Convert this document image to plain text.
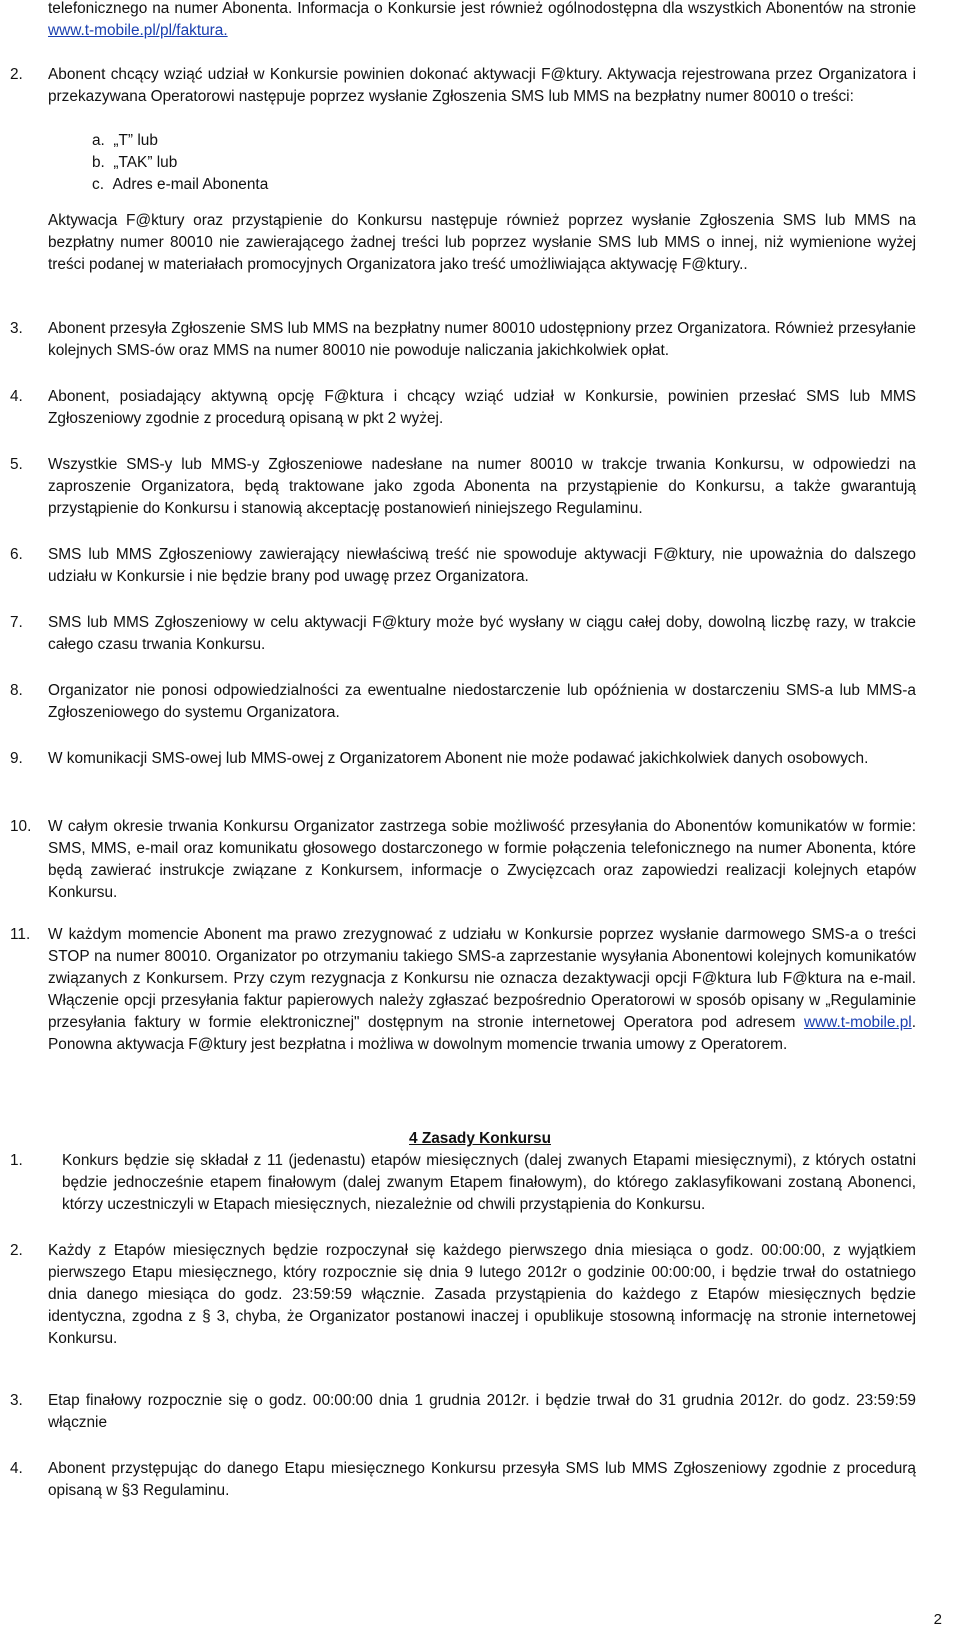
telefonicznego na numer Abonenta. Informacja o Konkursie jest również ogólnodostępna dla wszystkich Abonentów na stronie www.t-mobile.pl/pl/faktura.

2.	Abonent chcący wziąć udział w Konkursie powinien dokonać aktywacji F@ktury. Aktywacja rejestrowana przez Organizatora i przekazywana Operatorowi następuje poprzez wysłanie Zgłoszenia SMS lub MMS na bezpłatny numer 80010 o treści:

a. „T” lub
b. „TAK” lub
c. Adres e-mail Abonenta

Aktywacja F@ktury oraz przystąpienie do Konkursu następuje również poprzez wysłanie Zgłoszenia SMS lub MMS na bezpłatny numer 80010 nie zawierającego żadnej treści lub poprzez wysłanie SMS lub MMS o innej, niż wymienione wyżej treści podanej w materiałach promocyjnych Organizatora jako treść umożliwiająca aktywację F@ktury..

3.	Abonent przesyła Zgłoszenie SMS lub MMS na bezpłatny numer 80010 udostępniony przez Organizatora. Również przesyłanie kolejnych SMS-ów oraz MMS na numer 80010 nie powoduje naliczania jakichkolwiek opłat.

4.	Abonent, posiadający aktywną opcję F@ktura i chcący wziąć udział w Konkursie, powinien przesłać SMS lub MMS Zgłoszeniowy zgodnie z procedurą opisaną w pkt 2 wyżej.

5.	Wszystkie SMS-y lub MMS-y Zgłoszeniowe nadesłane na numer 80010 w trakcje trwania Konkursu, w odpowiedzi na zaproszenie Organizatora, będą traktowane jako zgoda Abonenta na przystąpienie do Konkursu, a także gwarantują przystąpienie do Konkursu i stanowią akceptację postanowień niniejszego Regulaminu.

6.	SMS lub MMS Zgłoszeniowy zawierający niewłaściwą treść nie spowoduje aktywacji F@ktury, nie upoważnia do dalszego udziału w Konkursie i nie będzie brany pod uwagę przez Organizatora.

7.	SMS lub MMS Zgłoszeniowy w celu aktywacji F@ktury może być wysłany w ciągu całej doby, dowolną liczbę razy, w trakcie całego czasu trwania Konkursu.

8.	Organizator nie ponosi odpowiedzialności za ewentualne niedostarczenie lub opóźnienia w dostarczeniu SMS-a lub MMS-a Zgłoszeniowego do systemu Organizatora.

9.	W komunikacji SMS-owej lub MMS-owej z Organizatorem Abonent nie może podawać jakichkolwiek danych osobowych.

10.	W całym okresie trwania Konkursu Organizator zastrzega sobie możliwość przesyłania do Abonentów komunikatów w formie: SMS, MMS, e-mail oraz komunikatu głosowego dostarczonego w formie połączenia telefonicznego na numer Abonenta, które będą zawierać instrukcje związane z Konkursem, informacje o Zwycięzcach oraz zapowiedzi realizacji kolejnych etapów Konkursu.

11.	W każdym momencie Abonent ma prawo zrezygnować z udziału w Konkursie poprzez wysłanie darmowego SMS-a o treści STOP na numer 80010. Organizator po otrzymaniu takiego SMS-a zaprzestanie wysyłania Abonentowi kolejnych komunikatów związanych z Konkursem. Przy czym rezygnacja z Konkursu nie oznacza dezaktywacji opcji F@ktura lub F@ktura na e-mail. Włączenie opcji przesyłania faktur papierowych należy zgłaszać bezpośrednio Operatorowi w sposób opisany w „Regulaminie przesyłania faktury w formie elektronicznej" dostępnym na stronie internetowej Operatora pod adresem www.t-mobile.pl. Ponowna aktywacja F@ktury jest bezpłatna i możliwa w dowolnym momencie trwania umowy z Operatorem.

4 Zasady Konkursu
1.	Konkurs będzie się składał z 11 (jedenastu) etapów miesięcznych (dalej zwanych Etapami miesięcznymi), z których ostatni będzie jednocześnie etapem finałowym (dalej zwanym Etapem finałowym), do którego zaklasyfikowani zostaną Abonenci, którzy uczestniczyli w Etapach miesięcznych, niezależnie od chwili przystąpienia do Konkursu.

2.	Każdy z Etapów miesięcznych będzie rozpoczynał się każdego pierwszego dnia miesiąca o godz. 00:00:00, z wyjątkiem pierwszego Etapu miesięcznego, który rozpocznie się dnia 9 lutego 2012r o godzinie 00:00:00, i będzie trwał do ostatniego dnia danego miesiąca do godz. 23:59:59 włącznie. Zasada przystąpienia do każdego z Etapów miesięcznych będzie identyczna, zgodna z § 3, chyba, że Organizator postanowi inaczej i opublikuje stosowną informację na stronie internetowej Konkursu.

3.	Etap finałowy rozpocznie się o godz. 00:00:00 dnia 1 grudnia 2012r. i będzie trwał do 31 grudnia 2012r. do godz. 23:59:59 włącznie

4.	Abonent przystępując do danego Etapu miesięcznego Konkursu przesyła SMS lub MMS Zgłoszeniowy zgodnie z procedurą opisaną w §3 Regulaminu.

2
